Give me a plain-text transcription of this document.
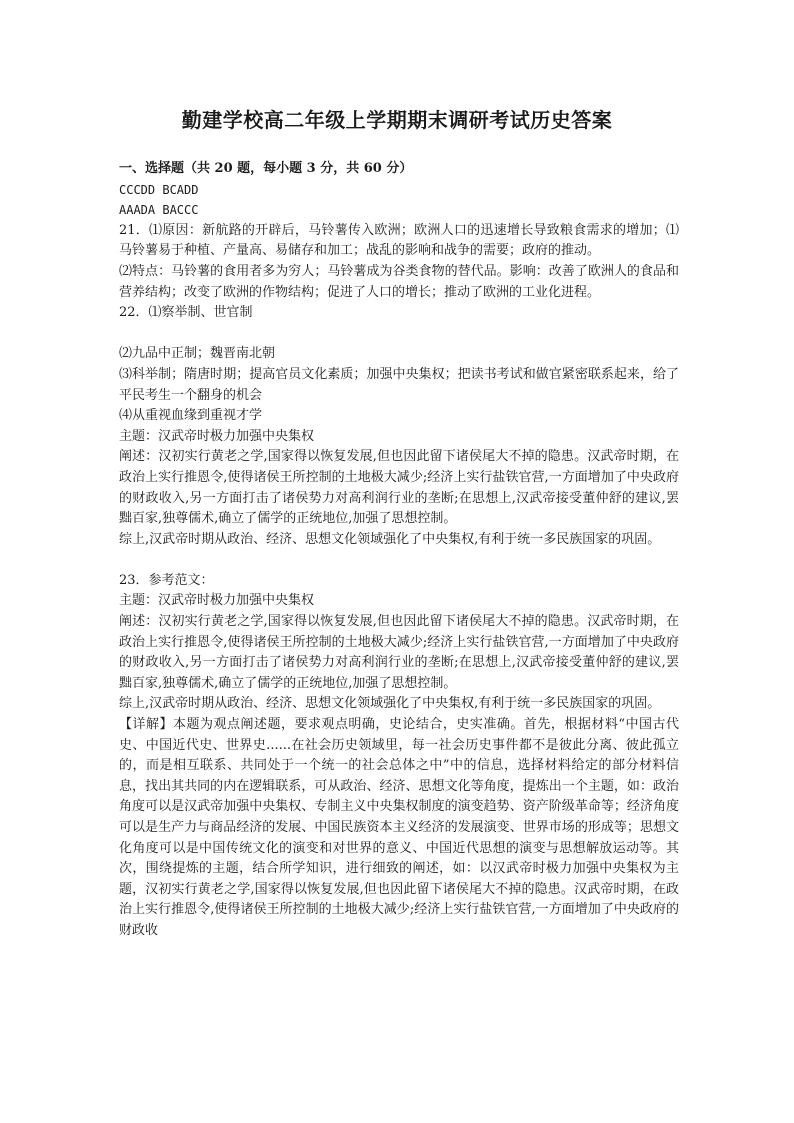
勤建学校高二年级上学期期末调研考试历史答案

一、选择题（共 20 题，每小题 3 分，共 60 分）

CCCDD BCADD

AAADA BACCC

21．⑴原因：新航路的开辟后，马铃薯传入欧洲；欧洲人口的迅速增长导致粮食需求的增加；⑴马铃薯易于种植、产量高、易储存和加工；战乱的影响和战争的需要；政府的推动。

⑵特点：马铃薯的食用者多为穷人；马铃薯成为谷类食物的替代品。影响：改善了欧洲人的食品和营养结构；改变了欧洲的作物结构；促进了人口的增长；推动了欧洲的工业化进程。

22．⑴察举制、世官制

⑵九品中正制；魏晋南北朝

⑶科举制；隋唐时期；提高官员文化素质；加强中央集权；把读书考试和做官紧密联系起来，给了平民考生一个翻身的机会

⑷从重视血缘到重视才学

主题：汉武帝时极力加强中央集权

阐述：汉初实行黄老之学,国家得以恢复发展,但也因此留下诸侯尾大不掉的隐患。汉武帝时期，在政治上实行推恩令,使得诸侯王所控制的土地极大减少;经济上实行盐铁官营,一方面增加了中央政府的财政收入,另一方面打击了诸侯势力对高利润行业的垄断;在思想上,汉武帝接受董仲舒的建议,罢黜百家,独尊儒术,确立了儒学的正统地位,加强了思想控制。

综上,汉武帝时期从政治、经济、思想文化领域强化了中央集权,有利于统一多民族国家的巩固。

23．参考范文：

主题：汉武帝时极力加强中央集权

阐述：汉初实行黄老之学,国家得以恢复发展,但也因此留下诸侯尾大不掉的隐患。汉武帝时期，在政治上实行推恩令,使得诸侯王所控制的土地极大减少;经济上实行盐铁官营,一方面增加了中央政府的财政收入,另一方面打击了诸侯势力对高利润行业的垄断;在思想上,汉武帝接受董仲舒的建议,罢黜百家,独尊儒术,确立了儒学的正统地位,加强了思想控制。

综上,汉武帝时期从政治、经济、思想文化领域强化了中央集权,有利于统一多民族国家的巩固。

【详解】本题为观点阐述题，要求观点明确，史论结合，史实准确。首先，根据材料“中国古代史、中国近代史、世界史......在社会历史领域里，每一社会历史事件都不是彼此分离、彼此孤立的，而是相互联系、共同处于一个统一的社会总体之中”中的信息，选择材料给定的部分材料信息，找出其共同的内在逻辑联系，可从政治、经济、思想文化等角度，提炼出一个主题，如：政治角度可以是汉武帝加强中央集权、专制主义中央集权制度的演变趋势、资产阶级革命等；经济角度可以是生产力与商品经济的发展、中国民族资本主义经济的发展演变、世界市场的形成等；思想文化角度可以是中国传统文化的演变和对世界的意义、中国近代思想的演变与思想解放运动等。其次，围绕提炼的主题，结合所学知识，进行细致的阐述，如：以汉武帝时极力加强中央集权为主题，汉初实行黄老之学,国家得以恢复发展,但也因此留下诸侯尾大不掉的隐患。汉武帝时期，在政治上实行推恩令,使得诸侯王所控制的土地极大减少;经济上实行盐铁官营,一方面增加了中央政府的财政收
